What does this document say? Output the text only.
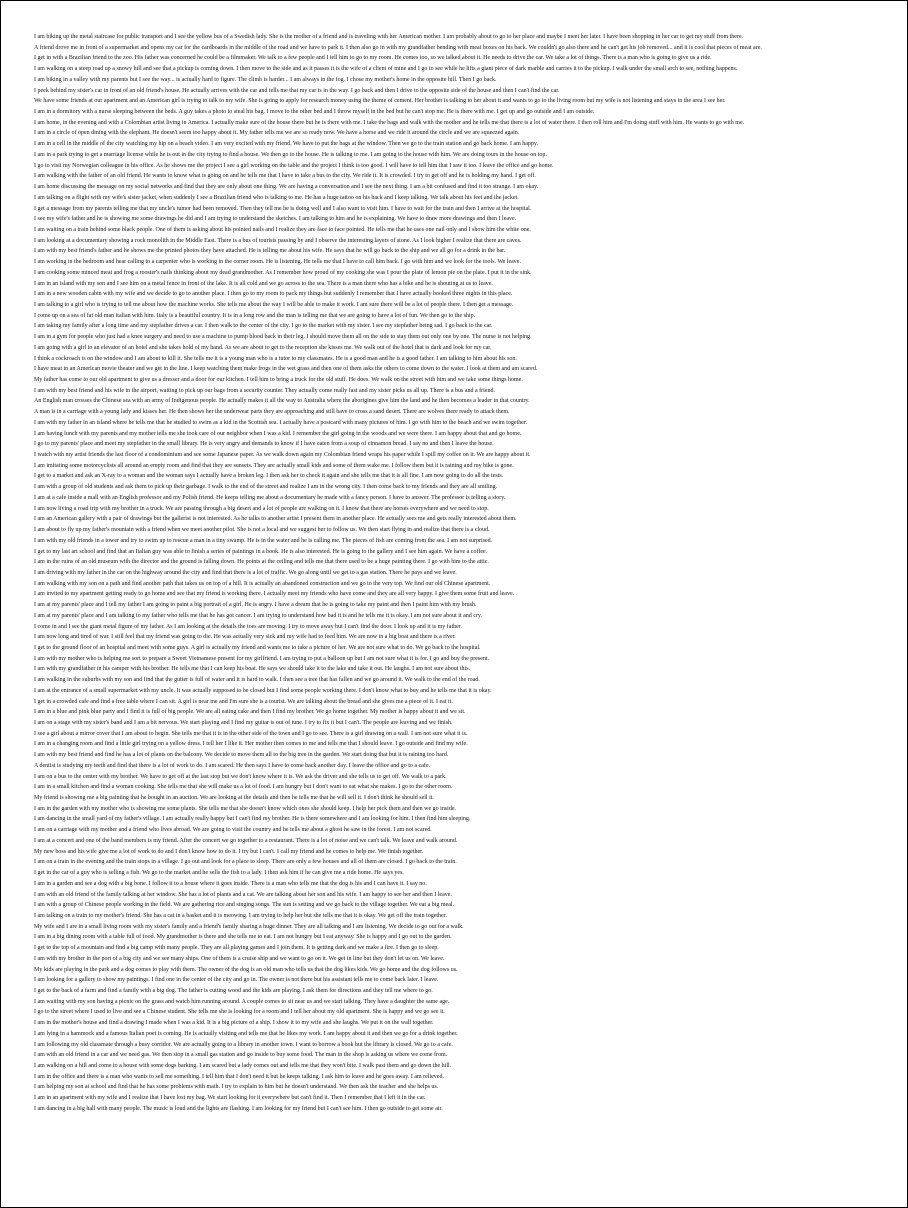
I am biking up the metal staircase for public transport and I see the yellow bus of a Swedish lady. She is the mother of a friend and is traveling with her American mother. I am probably about to go to her place and maybe I meet her later. I have been shopping in her car to get my stuff from there.
A friend drove me in front of a supermarket and opens my car for the cardboards in the middle of the road and we have to park it. I then also go in with my grandfather bending with meat boxes on his back. We couldn't go also there and he can't get his job removed... and it is cool that pieces of meat are.
I get in with a Brazilian friend to the zoo. His father was concerned he could be a filmmaker. We talk to a few people and I tell him to go to my room. He comes too, so we talked about it. He needs to drive the car. We take a lot of things. There is a man who is going to give us a ride.
I am walking on a steep road up a snowy hill and see that a pickup is coming down. I then move to the side and as it passes it is the wife of a client of mine and I go to see while he lifts a giant piece of dark marble and carries it to the pickup. I walk under the small arch to see, nothing happens.
I am biking in a valley with my parents but I see the way... is actually hard to figure. The climb is harder... I am always in the fog. I chose my mother's home in the opposite hill. Then I go back.
I peek behind my sister's car in front of an old friend's house. He actually arrives with the car and tells me that my car is in the way. I go back and then I drive to the opposite side of the house and then I can't find the car.
We have some friends at our apartment and an American girl is trying to talk to my wife. She is going to apply for research money using the theme of cement. Her brother is talking to her about it and wants to go to the living room but my wife is not listening and stays in the area I see her.
I am in a dormitory with a nurse sleeping between the beds. A guy takes a photo to steal his bag. I move to the other bed and I throw myself in the bed but he can't stop me. He is there with me. I get up and go outside and I am outside.
I am home, in the evening and with a Colombian artist living in America. I actually make sure of the house there but he is there with me. I take the bags and walk with the mother and he tells me that there is a lot of water there. I then roll him and I'm doing stuff with him. He wants to go with me.
I am in a circle of open dining with the elephant. He doesn't seem too happy about it. My father tells me we are so ready now. We have a horse and we ride it around the circle and we are squeezed again.
I am in a cell in the middle of the city watching my hip on a beach video. I am very excited with my friend. We have to put the bags at the window. Then we go to the train station and go back home. I am happy.
I am in a park trying to get a marriage license while he is out in the city trying to find a house. We then go to the house. He is talking to me. I am going to the house with him. We are doing tours in the house on top.
I go to visit my Norwegian colleague in his office. As he shows me the project I see a girl working on the table and the project I think is too good. I will have to tell him that I saw it too. I leave the office and go home.
I am walking with the father of an old friend. He wants to know what is going on and he tells me that I have to take a bus to the city. We ride it. It is crowded. I try to get off and he is holding my hand. I get off.
I am home discussing the message on my social networks and find that they are only about one thing. We are having a conversation and I see the next thing. I am a bit confused and find it too strange. I am okay.
I am talking on a flight with my wife's sister jacket, when suddenly I see a Brazilian friend who is talking to me. He has a huge tattoo on his back and I keep talking. We talk about his feet and the jacket.
I get a message from my parents telling me that my uncle's tumor had been removed. Then they tell me he is doing well and I also want to visit him. I have to wait for the train and then I arrive at the hospital.
I see my wife's father and he is showing me some drawings he did and I am trying to understand the sketches. I am talking to him and he is explaining. We have to draw more drawings and then I leave.
I am waiting on a train behind some black people. One of them is asking about his pointed nails and I realize they are face to face pointed. He tells me that he uses one nail only and I show him the white one.
I am looking at a documentary showing a rock monolith in the Middle East. There is a bus of tourists passing by and I observe the interesting layers of stone. As I look higher I realize that there are caves.
I am with my best friend's father and he shows me the printed photos they have attached. He is telling me about his wife. He says that he will go back to the ship and we all go for a drink in the bar.
I am working in the bedroom and hear calling to a carpenter who is working in the corner room. He is listening. He tells me that I have to call him back. I go with him and we look for the tools. We leave.
I am cooking some minced meat and frog a rooster's nails thinking about my dead grandmother. As I remember how proud of my cooking she was I pour the plate of lemon pie on the plate. I put it in the sink.
I am in an island with my son and I see him on a metal fence in front of the lake. It is all cold and we go across to the sea. There is a man there who has a bike and he is shouting at us to leave.
I am in a new wooden cabin with my wife and we decide to go to another place. I then go to my room to pack my things but suddenly I remember that I have actually booked three nights in this place.
I am talking to a girl who is trying to tell me about how the machine works. She tells me about the way I will be able to make it work. I am sure there will be a lot of people there. I then get a message.
I come up on a sea of fat old man italian with him. Italy is a beautiful country. It is in a long row and the man is telling me that we are going to have a lot of fun. We then go to the ship.
I am taking my family after a long time and my stepfather drives a car. I then walk to the center of the city. I go to the market with my sister. I see my stepfather being sad. I go back to the car.
I am in a gym for people who just had a knee surgery and need to use a machine to pump blood back in their leg. I should move them all on the side to stay them out only one by one. The nurse is not helping.
I am going with a girl to an elevator of an hotel and she takes hold of my hand. As we are about to get to the reception she kisses me. We walk out of the hotel that is dark and look for my car.
I think a cockroach is on the window and I am about to kill it. She tells me it is a young man who is a tutor to my classmates. He is a good man and he is a good father. I am talking to him about his son.
I have meat in an American movie theater and we get in the line. I keep watching them make frogs in the wet grass and then one of them asks the others to come down to the water. I look at them and am scared.
My father has come to our old apartment to give us a dresser and a door for our kitchen. I tell him to bring a truck for the old stuff. He does. We walk on the street with him and we take some things home.
I am with my best friend and his wife in the airport, waiting to pick up our bags from a security counter. They actually come really fast and my sister picks us all up. There is a bus and a friend.
An English man crosses the Chinese sea with an army of Indigenous people. He actually makes it all the way to Australia where the aborigines give him the land and he then becomes a leader in that country.
A man is in a carriage with a young lady and kisses her. He then shows her the underwear parts they are approaching and still have to cross a sand desert. There are wolves there ready to attack them.
I am with my father in an island where he tells me that he studied to swim as a kid in the Scottish sea. I actually have a postcard with many pictures of him. I go with him to the beach and we swim together.
I am having lunch with my parents and my mother tells me she took care of our neighbor when I was a kid. I remember the girl going in the woods and we were there. I am happy about that and go home.
I go to my parents' place and meet my stepfather in the small library. He is very angry and demands to know if I have eaten from a soup of cinnamon bread. I say no and then I leave the house.
I watch with my artist friends the last floor of a condominium and see some Japanese paper. As we walk down again my Colombian friend wraps his paper while I spill my coffee on it. We are happy about it.
I am imitating some motorcyclists all around an empty room and find that they are sunsets. They are actually small kids and some of them wake me. I follow them but it is raining and my bike is gone.
I get to a market and ask an X-ray to a woman and the woman says I actually have a broken leg. I then ask her to check it again and she tells me that it is all fine. I am now going to do all the tests.
I am with a group of old students and ask them to pick up their garbage. I walk to the end of the street and realize I am in the wrong city. I then come back to my friends and they are all smiling.
I am at a cafe inside a mall with an English professor and my Polish friend. He keeps telling me about a documentary he made with a fancy person. I have to answer. The professor is telling a story.
I am now living a road trip with my brother in a truck. We are passing through a big desert and a lot of people are walking on it. I know that there are horses everywhere and we need to stop.
I am an American gallery with a pair of drawings but the gallerist is not interested. As he talks to another artist I present them in another place. He actually sees me and gets really interested about them.
I am about to fly up my father's mountain with a friend when we meet another pilot. She is not a local and we suggest her to follow us. We then start flying in and realize that there is a cloud.
I am with my old friends in a tower and try to swim up to rescue a man in a tiny swamp. He is in the water and he is calling me. The pieces of fish are coming from the sea. I am not surprised.
I get to my last art school and find that an Italian guy was able to finish a series of paintings in a book. He is also interested. He is going to the gallery and I see him again. We have a coffee.
I am in the ruins of an old museum with the director and the ground is falling down. He points at the ceiling and tells me that there used to be a huge painting there. I go with him to the attic.
I am driving with my father in the car on the highway around the city and find that there is a lot of traffic. We go along until we get to a gas station. There he pays and we leave.
I am walking with my son on a path and find another path that takes us on top of a hill. It is actually an abandoned construction and we go to the very top. We find our old Chinese apartment.
I am invited to my apartment getting ready to go home and see that my friend is working there. I actually meet my friends who have come and they are all very happy. I give them some fruit and leave.
I am at my parents' place and I tell my father I am going to paint a big portrait of a girl. He is angry. I have a dream that he is going to take my paint and then I paint him with my brush.
I am at my parents' place and I am talking to my father who tells me that he has got cancer. I am trying to understand how bad it is and he tells me it is okay. I am not sure about it and cry.
I come in and I see the giant metal figure of my father. As I am looking at the details the toes are moving. I try to move away but I can't find the door. I look up and it is my father.
I am now long and tired of war. I still feel that my friend was going to die. He was actually very sick and my wife had to feed him. We are now in a big boat and there is a river.
I get to the ground floor of an hospital and meet with some guys. A girl is actually my friend and wants me to take a picture of her. We are not sure what to do. We go back to the hospital.
I am with my mother who is helping me sort to prepare a Sweet Vietnamese present for my girlfriend. I am trying to put a balloon up but I am not sure what it is for. I go and buy the present.
I am with my grandfather in his camper with his brother. He tells me that I can keep his boat. He says we should take it to the lake and take it out. He laughs. I am not sure about this.
I am walking in the suburbs with my son and find that the gutter is full of water and it is hard to walk. I then see a tree that has fallen and we go around it. We walk to the end of the road.
I am at the entrance of a small supermarket with my uncle. It was actually supposed to be closed but I find some people working there. I don't know what to buy and he tells me that it is okay.
I get in a crowded cafe and find a free table where I can sit. A girl is near me and I'm sure she is a tourist. We are talking about the bread and she gives me a piece of it. I eat it.
I am in a blue and pink blue party and I find it is full of big people. We are all eating cake and then I find my brother. We go home together. My mother is happy about it and we sit.
I am on a stage with my sister's band and I am a bit nervous. We start playing and I find my guitar is out of tune. I try to fix it but I can't. The people are leaving and we finish.
I see a girl about a mirror cover that I am about to begin. She tells me that it is in the other side of the town and I go to see. There is a girl drawing on a wall. I am not sure what it is.
I am in a changing room and find a little girl trying on a yellow dress. I tell her I like it. Her mother then comes to me and tells me that I should leave. I go outside and find my wife.
I am with my best friend and find he has a lot of plants on the balcony. We decide to move them all to the big tree in the garden. We start doing that but it is raining too hard.
A dentist is studying my teeth and find that there is a lot of work to do. I am scared. He then says I have to come back another day. I leave the office and go to a cafe.
I am on a bus to the center with my brother. We have to get off at the last stop but we don't know where it is. We ask the driver and she tells us to get off. We walk to a park.
I am in a small kitchen and find a woman cooking. She tells me that she will make us a lot of food. I am hungry but I don't want to eat what she makes. I go to the other room.
My friend is showing me a big painting that he bought in an auction. We are looking at the details and then he tells me that he will sell it. I don't think he should sell it.
I am in the garden with my mother who is showing me some plants. She tells me that she doesn't know which ones she should keep. I help her pick them and then we go inside.
I am dancing in the small yard of my father's village. I am actually really happy but I can't find my brother. He is there somewhere and I am looking for him. I then find him sleeping.
I am on a carriage with my mother and a friend who lives abroad. We are going to visit the country and he tells me about a ghost he saw in the forest. I am not scared.
I am at a concert and one of the band members is my friend. After the concert we go together to a restaurant. There is a lot of noise and we can't talk. We leave and walk around.
My new boss and his wife give me a lot of work to do and I don't know how to do it. I try but I can't. I call my friend and he comes to help me. We finish together.
I am on a train in the evening and the train stops in a village. I go out and look for a place to sleep. There are only a few houses and all of them are closed. I go back to the train.
I get in the car of a guy who is selling a fish. We go to the market and he sells the fish to a lady. I then ask him if he can give me a ride home. He says yes.
I am in a garden and see a dog with a big bone. I follow it to a house where it goes inside. There is a man who tells me that the dog is his and I can have it. I say no.
I am with an old friend of the family talking at her window. She has a lot of plants and a cat. We are talking about her son and his wife. I am happy to see her and then I leave.
I am with a group of Chinese people working in the field. We are gathering rice and singing songs. The sun is setting and we go back to the village together. We eat a big meal.
I am talking on a train to my mother's friend. She has a cat in a basket and it is meowing. I am trying to help her but she tells me that it is okay. We get off the train together.
My wife and I are in a small living room with my sister's family and a friend's family sharing a huge dinner. They are all talking and I am listening. We decide to go out for a walk.
I am in a big dining room with a table full of food. My grandmother is there and she tells me to eat. I am not hungry but I eat anyway. She is happy and I go out to the garden.
I get to the top of a mountain and find a big camp with many people. They are all playing games and I join them. It is getting dark and we make a fire. I then go to sleep.
I am with my brother in the port of a big city and we see many ships. One of them is a cruise ship and we want to go on it. We get in line but they don't let us on. We leave.
My kids are playing in the park and a dog comes to play with them. The owner of the dog is an old man who tells us that the dog likes kids. We go home and the dog follows us.
I am looking for a gallery to show my paintings. I find one in the center of the city and go in. The owner is not there but his assistant tells me to come back later. I leave.
I get to the back of a farm and find a family with a big dog. The father is cutting wood and the kids are playing. I ask them for directions and they tell me where to go.
I am waiting with my son having a picnic on the grass and watch him running around. A couple comes to sit near us and we start talking. They have a daughter the same age.
I go to the street where I used to live and see a Chinese student. She tells me she is looking for a room and I tell her about my old apartment. She is happy and we go see it.
I am in the mother's house and find a drawing I made when I was a kid. It is a big picture of a ship. I show it to my wife and she laughs. We put it on the wall together.
I am lying in a hammock and a famous Italian poet is coming. He is actually visiting and tells me that he likes my work. I am happy about it and then we go for a drink together.
I am following my old classmate through a busy corridor. We are actually going to a library in another town. I want to borrow a book but the library is closed. We go to a cafe.
I am with an old friend in a car and we need gas. We then stop in a small gas station and go inside to buy some food. The man in the shop is asking us where we come from.
I am walking on a hill and come to a house with some dogs barking. I am scared but a lady comes out and tells me that they won't bite. I walk past them and go down the hill.
I am in the office and there is a man who wants to sell me something. I tell him that I don't need it but he keeps talking. I ask him to leave and he goes away. I am relieved.
I am helping my son at school and find that he has some problems with math. I try to explain to him but he doesn't understand. We then ask the teacher and she helps us.
I am in an apartment with my wife and I realize that I have lost my bag. We start looking for it everywhere but can't find it. Then I remember that I left it in the car.
I am dancing in a big hall with many people. The music is loud and the lights are flashing. I am looking for my friend but I can't see him. I then go outside to get some air.
